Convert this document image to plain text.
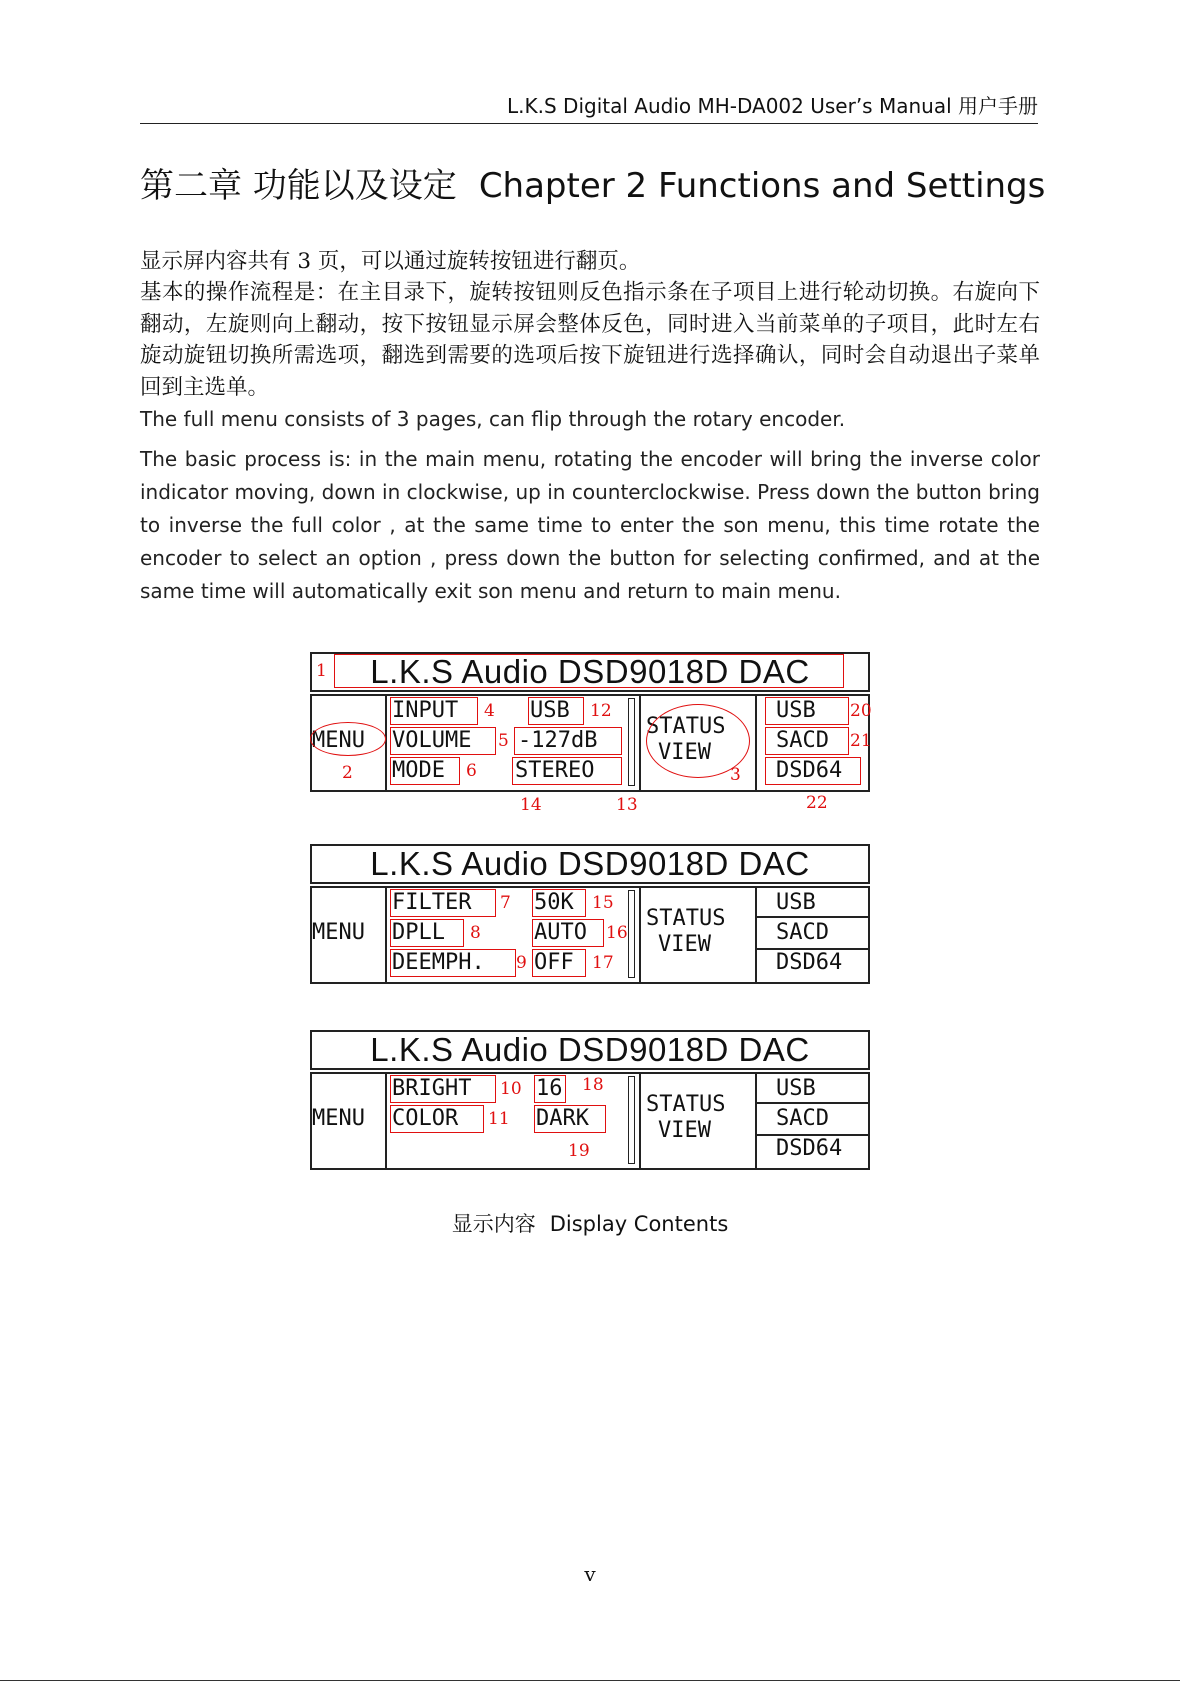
L.K.S Digital Audio MH-DA002 User’s Manual 用户手册
第二章 功能以及设定 Chapter 2 Functions and Settings
显示屏内容共有 3 页，可以通过旋转按钮进行翻页。
基本的操作流程是：在主目录下，旋转按钮则反色指示条在子项目上进行轮动切换。右旋向下翻动，左旋则向上翻动，按下按钮显示屏会整体反色，同时进入当前菜单的子项目，此时左右旋动旋钮切换所需选项，翻选到需要的选项后按下旋钮进行选择确认，同时会自动退出子菜单回到主选单。
The full menu consists of 3 pages, can flip through the rotary encoder.
The basic process is: in the main menu, rotating the encoder will bring the inverse color indicator moving, down in clockwise, up in counterclockwise. Press down the button bring to inverse the full color , at the same time to enter the son menu, this time rotate the encoder to select an option , press down the button for selecting confirmed, and at the same time will automatically exit son menu and return to main menu.
L.K.S Audio DSD9018D DAC
MENU
INPUT
VOLUME
MODE
USB
-127dB
STEREO
STATUS
VIEW
USB
SACD
DSD64
1
2	3
4
5
6
12
13
14
20
21
22
L.K.S Audio DSD9018D DAC
MENU
FILTER
DPLL
DEEMPH.
50K
AUTO
OFF
STATUS
VIEW
USB
SACD
DSD64
7
8
9
15
16
17
L.K.S Audio DSD9018D DAC
MENU
BRIGHT
COLOR
16
DARK
STATUS
VIEW
USB
SACD
DSD64
10
11
18
19
显示内容 Display Contents
v
